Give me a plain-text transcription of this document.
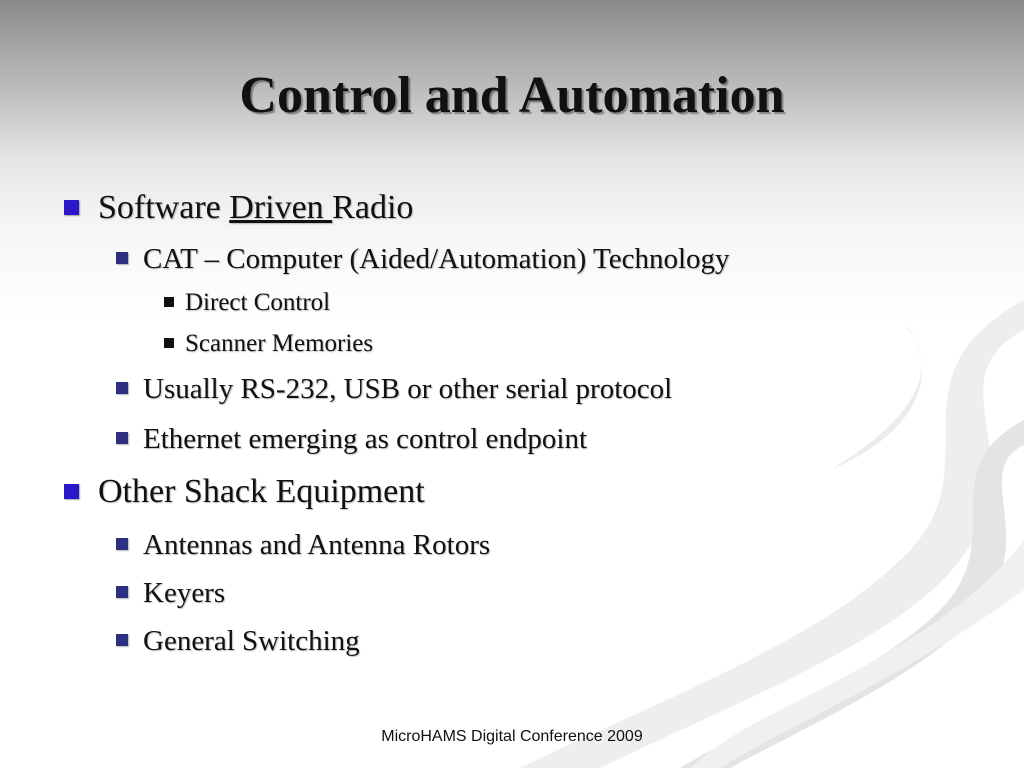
Control and Automation
Software Driven Radio
CAT – Computer (Aided/Automation) Technology
Direct Control
Scanner Memories
Usually RS-232, USB or other serial protocol
Ethernet emerging as control endpoint
Other Shack Equipment
Antennas and Antenna Rotors
Keyers
General Switching
MicroHAMS Digital Conference 2009
